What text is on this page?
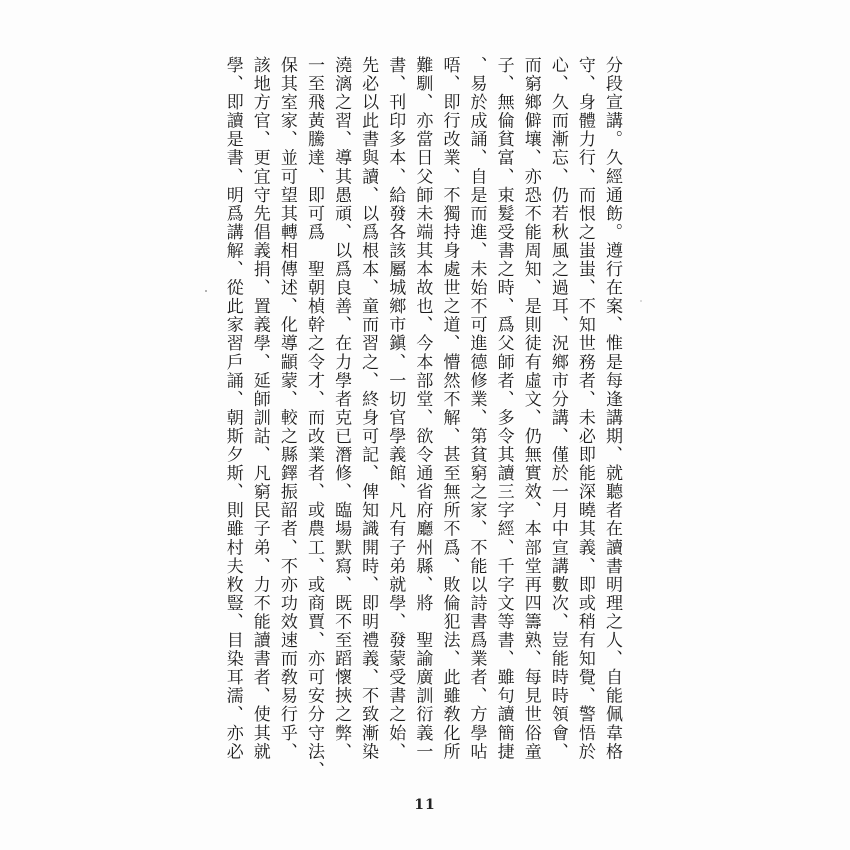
分段宣講。久經通飭。遵行在案、惟是每逢講期、就聽者在讀書明理之人、自能佩韋格
守、身體力行、而恨之蚩蚩、不知世務者、未必即能深曉其義、即或稍有知覺、警悟於
心、久而漸忘、仍若秋風之過耳、況鄉市分講、僅於一月中宣講數次、豈能時時領會、
而窮鄉僻壤、亦恐不能周知、是則徒有虛文、仍無實效、本部堂再四籌熟、每見世俗童
子、無倫貧富、束髮受書之時、爲父師者、多令其讀三字經、千字文等書、雖句讀簡捷
、易於成誦、自是而進、未始不可進德修業、第貧窮之家、不能以詩書爲業者、方學呫
唔、即行改業、不獨持身處世之道、懵然不解、甚至無所不爲、敗倫犯法、此雖敎化所
難馴、亦當日父師未端其本故也、今本部堂、欲令通省府廳州縣、將　聖諭廣訓衍義一
書、刊印多本、給發各該屬城鄉市鎭、一切官學義館、凡有子弟就學、發蒙受書之始、
先必以此書與讀、以爲根本、童而習之、終身可記、俾知識開時、即明禮義、不致漸染
澆漓之習、導其愚頑、以爲良善、在力學者克已潛修、臨場默寫、既不至蹈懷挾之弊、
一至飛黃騰達、即可爲　聖朝楨幹之令才、而改業者、或農工、或商賈、亦可安分守法、
保其室家、並可望其轉相傳述、化導顓蒙、較之縣鐸振韶者、不亦功效速而敎易行乎、
該地方官、更宜守先倡義捐、置義學、延師訓詁、凡窮民子弟、力不能讀書者、使其就
學、即讀是書、明爲講解、從此家習戶誦、朝斯夕斯、則雖村夫敉豎、目染耳濡、亦必
11
